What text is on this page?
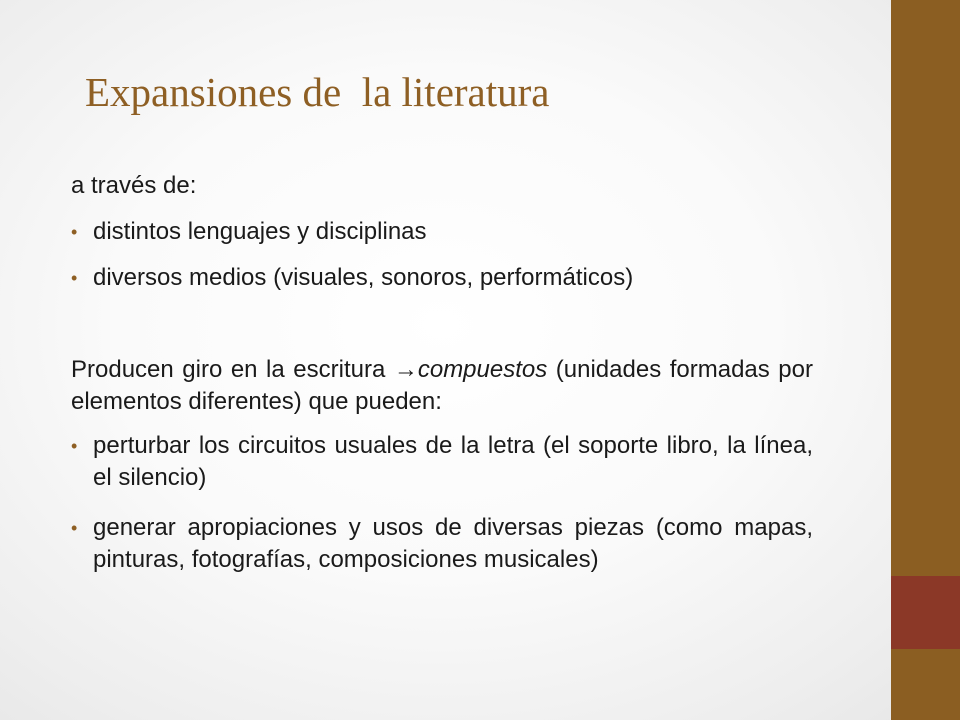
Expansiones de  la literatura

a través de:

• distintos lenguajes y disciplinas
• diversos medios (visuales, sonoros, performáticos)

Producen giro en la escritura →compuestos (unidades formadas por elementos diferentes) que pueden:

• perturbar los circuitos usuales de la letra (el soporte libro, la línea, el silencio)
• generar apropiaciones y usos de diversas piezas (como mapas, pinturas, fotografías, composiciones musicales)
